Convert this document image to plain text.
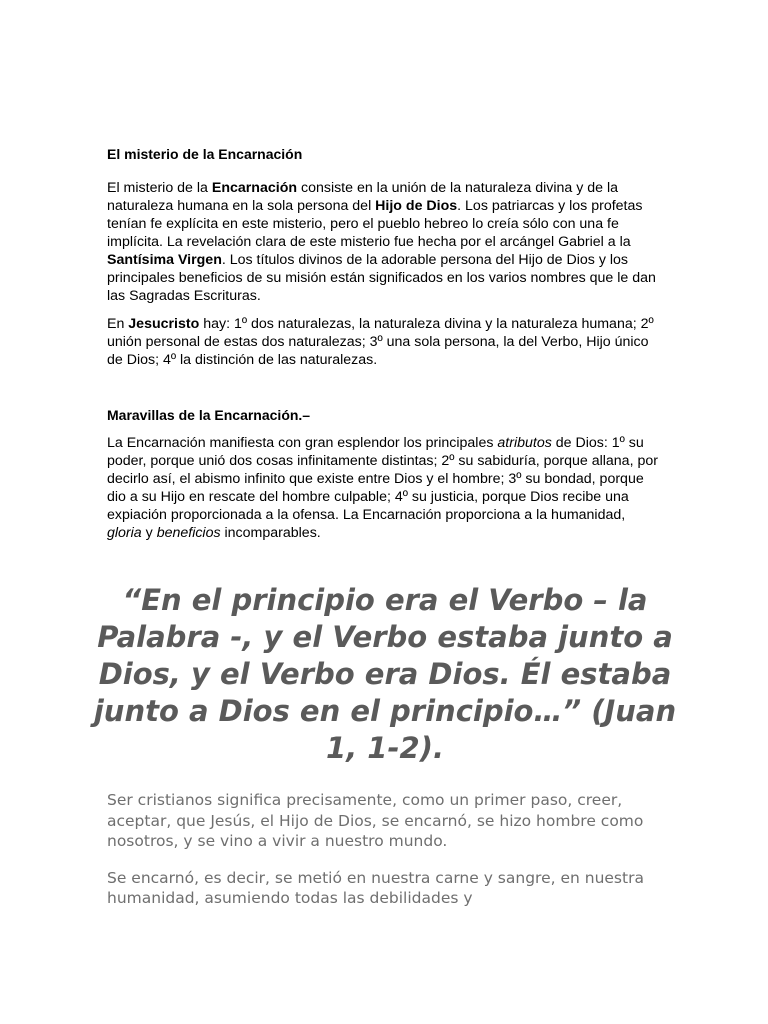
El misterio de la Encarnación

El misterio de la Encarnación consiste en la unión de la naturaleza divina y de la naturaleza humana en la sola persona del Hijo de Dios. Los patriarcas y los profetas tenían fe explícita en este misterio, pero el pueblo hebreo lo creía sólo con una fe implícita. La revelación clara de este misterio fue hecha por el arcángel Gabriel a la Santísima Virgen. Los títulos divinos de la adorable persona del Hijo de Dios y los principales beneficios de su misión están significados en los varios nombres que le dan las Sagradas Escrituras.

En Jesucristo hay: 1º dos naturalezas, la naturaleza divina y la naturaleza humana; 2º unión personal de estas dos naturalezas; 3º una sola persona, la del Verbo, Hijo único de Dios; 4º la distinción de las naturalezas.

Maravillas de la Encarnación.–

La Encarnación manifiesta con gran esplendor los principales atributos de Dios: 1º su poder, porque unió dos cosas infinitamente distintas; 2º su sabiduría, porque allana, por decirlo así, el abismo infinito que existe entre Dios y el hombre; 3º su bondad, porque dio a su Hijo en rescate del hombre culpable; 4º su justicia, porque Dios recibe una expiación proporcionada a la ofensa. La Encarnación proporciona a la humanidad, gloria y beneficios incomparables.

“En el principio era el Verbo – la Palabra -, y el Verbo estaba junto a Dios, y el Verbo era Dios. Él estaba junto a Dios en el principio…” (Juan 1, 1-2).

Ser cristianos significa precisamente, como un primer paso, creer, aceptar, que Jesús, el Hijo de Dios, se encarnó, se hizo hombre como nosotros, y se vino a vivir a nuestro mundo.

Se encarnó, es decir, se metió en nuestra carne y sangre, en nuestra humanidad, asumiendo todas las debilidades y
